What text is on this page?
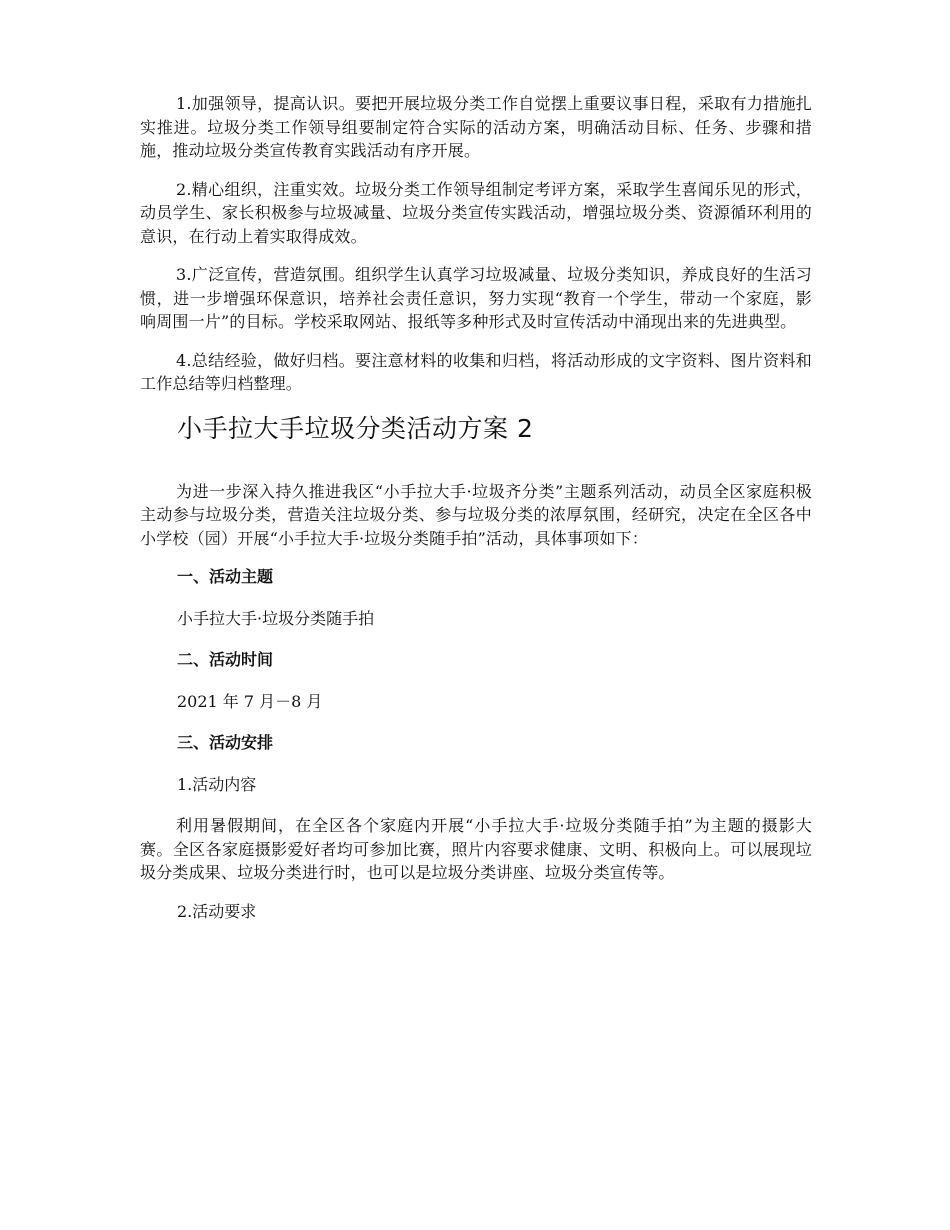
1.加强领导，提高认识。要把开展垃圾分类工作自觉摆上重要议事日程，采取有力措施扎实推进。垃圾分类工作领导组要制定符合实际的活动方案，明确活动目标、任务、步骤和措施，推动垃圾分类宣传教育实践活动有序开展。

2.精心组织，注重实效。垃圾分类工作领导组制定考评方案，采取学生喜闻乐见的形式，动员学生、家长积极参与垃圾减量、垃圾分类宣传实践活动，增强垃圾分类、资源循环利用的意识，在行动上着实取得成效。

3.广泛宣传，营造氛围。组织学生认真学习垃圾减量、垃圾分类知识，养成良好的生活习惯，进一步增强环保意识，培养社会责任意识，努力实现“教育一个学生，带动一个家庭，影响周围一片”的目标。学校采取网站、报纸等多种形式及时宣传活动中涌现出来的先进典型。

4.总结经验，做好归档。要注意材料的收集和归档，将活动形成的文字资料、图片资料和工作总结等归档整理。

小手拉大手垃圾分类活动方案 2

为进一步深入持久推进我区“小手拉大手·垃圾齐分类”主题系列活动，动员全区家庭积极主动参与垃圾分类，营造关注垃圾分类、参与垃圾分类的浓厚氛围，经研究，决定在全区各中小学校（园）开展“小手拉大手·垃圾分类随手拍”活动，具体事项如下：

一、活动主题
小手拉大手·垃圾分类随手拍
二、活动时间
2021 年 7 月－8 月
三、活动安排
1.活动内容

利用暑假期间，在全区各个家庭内开展“小手拉大手·垃圾分类随手拍”为主题的摄影大赛。全区各家庭摄影爱好者均可参加比赛，照片内容要求健康、文明、积极向上。可以展现垃圾分类成果、垃圾分类进行时，也可以是垃圾分类讲座、垃圾分类宣传等。

2.活动要求
